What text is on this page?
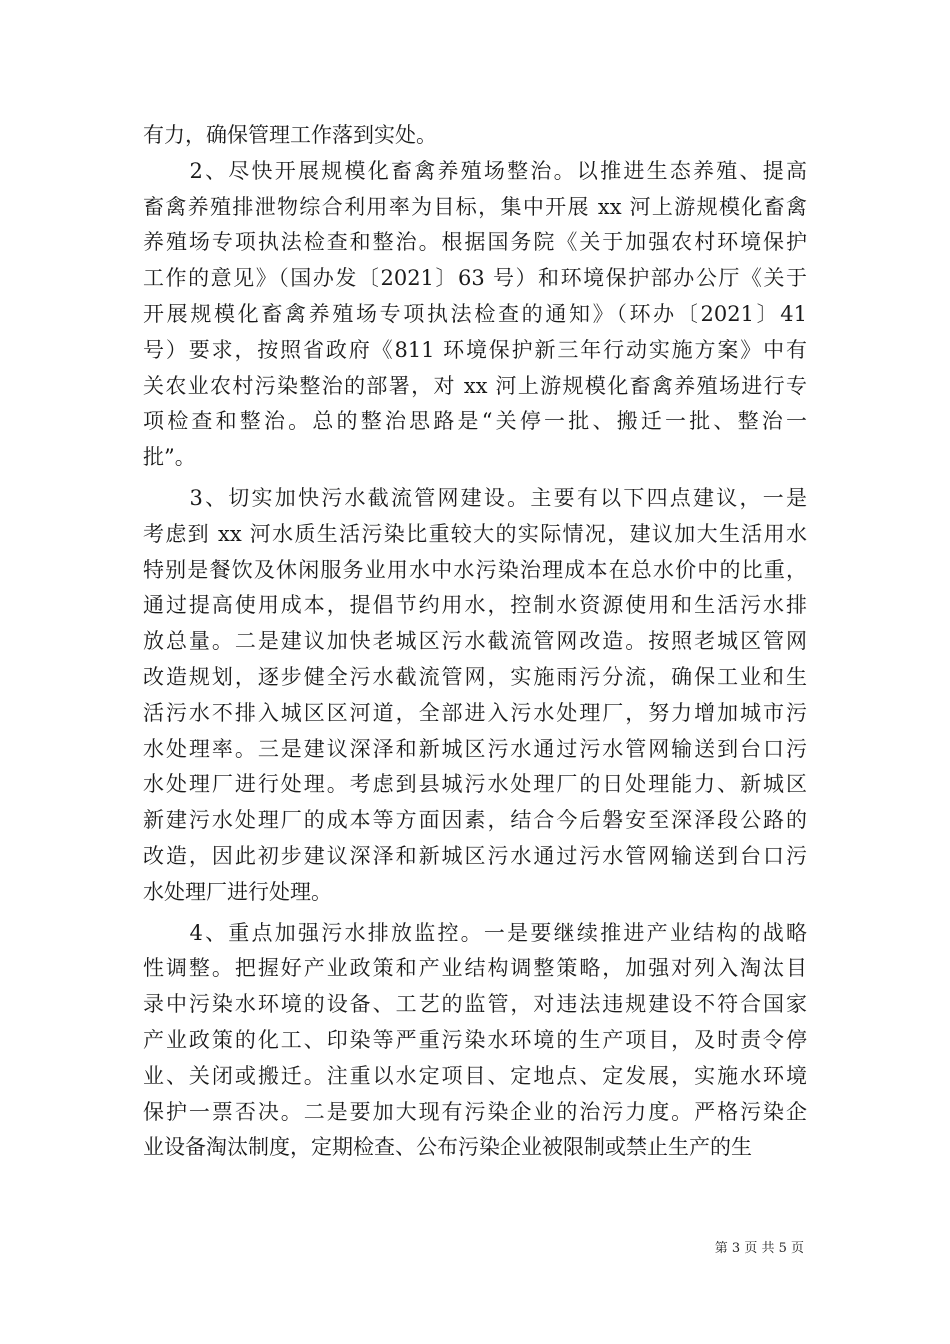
有力，确保管理工作落到实处。
　　2、尽快开展规模化畜禽养殖场整治。以推进生态养殖、提高
畜禽养殖排泄物综合利用率为目标，集中开展 xx 河上游规模化畜禽
养殖场专项执法检查和整治。根据国务院《关于加强农村环境保护
工作的意见》（国办发〔2021〕63 号）和环境保护部办公厅《关于
开展规模化畜禽养殖场专项执法检查的通知》（环办〔2021〕41
号）要求，按照省政府《811 环境保护新三年行动实施方案》中有
关农业农村污染整治的部署，对 xx 河上游规模化畜禽养殖场进行专
项检查和整治。总的整治思路是“关停一批、搬迁一批、整治一
批”。
　　3、切实加快污水截流管网建设。主要有以下四点建议，一是
考虑到 xx 河水质生活污染比重较大的实际情况，建议加大生活用水
特别是餐饮及休闲服务业用水中水污染治理成本在总水价中的比重，
通过提高使用成本，提倡节约用水，控制水资源使用和生活污水排
放总量。二是建议加快老城区污水截流管网改造。按照老城区管网
改造规划，逐步健全污水截流管网，实施雨污分流，确保工业和生
活污水不排入城区区河道，全部进入污水处理厂，努力增加城市污
水处理率。三是建议深泽和新城区污水通过污水管网输送到台口污
水处理厂进行处理。考虑到县城污水处理厂的日处理能力、新城区
新建污水处理厂的成本等方面因素，结合今后磐安至深泽段公路的
改造，因此初步建议深泽和新城区污水通过污水管网输送到台口污
水处理厂进行处理。
　　4、重点加强污水排放监控。一是要继续推进产业结构的战略
性调整。把握好产业政策和产业结构调整策略，加强对列入淘汰目
录中污染水环境的设备、工艺的监管，对违法违规建设不符合国家
产业政策的化工、印染等严重污染水环境的生产项目，及时责令停
业、关闭或搬迁。注重以水定项目、定地点、定发展，实施水环境
保护一票否决。二是要加大现有污染企业的治污力度。严格污染企
业设备淘汰制度，定期检查、公布污染企业被限制或禁止生产的生
第 3 页 共 5 页
